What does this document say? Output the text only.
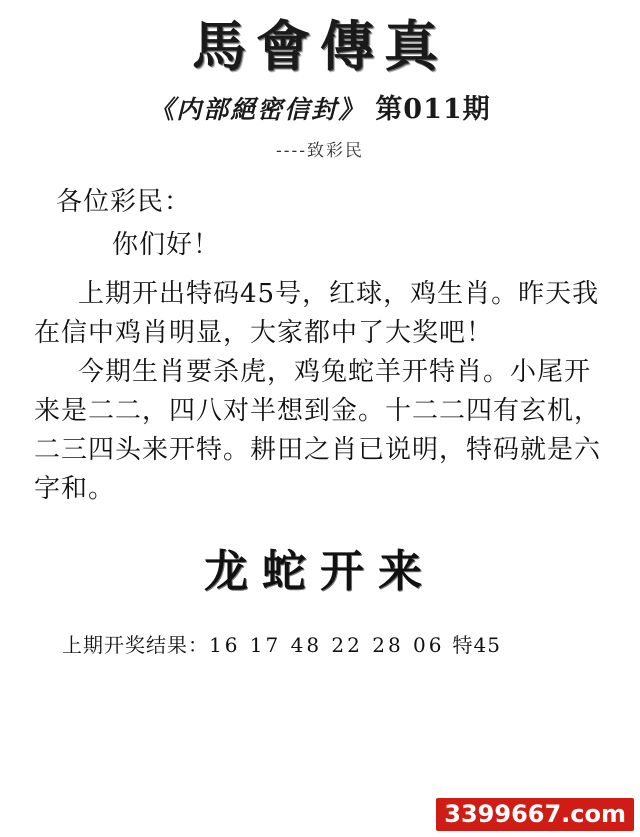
馬會傳真
《内部絕密信封》 第011期
----致彩民
各位彩民：
你们好！
上期开出特码45号，红球，鸡生肖。昨天我在信中鸡肖明显，大家都中了大奖吧！
今期生肖要杀虎，鸡兔蛇羊开特肖。小尾开来是二二，四八对半想到金。十二二四有玄机，二三四头来开特。耕田之肖已说明，特码就是六字和。
龙蛇开来
上期开奖结果：16 17 48 22 28 06 特45
3399667.com
